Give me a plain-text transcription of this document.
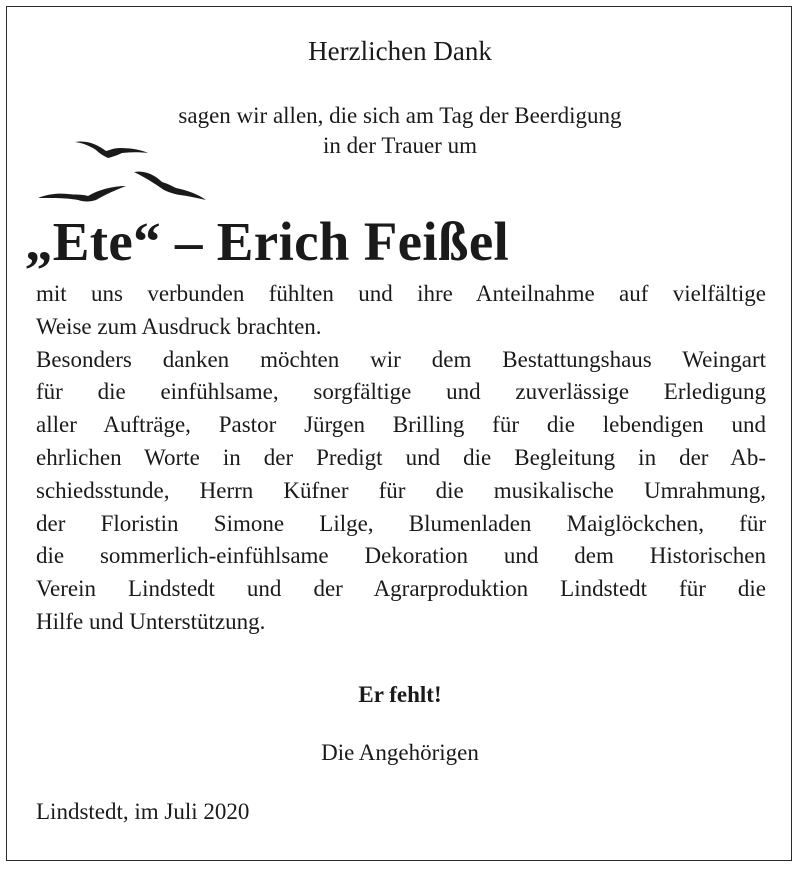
Herzlichen Dank
sagen wir allen, die sich am Tag der Beerdigung
in der Trauer um
„Ete“ – Erich Feißel
mit uns verbunden fühlten und ihre Anteilnahme auf vielfältige
Weise zum Ausdruck brachten.
Besonders danken möchten wir dem Bestattungshaus Weingart
für die einfühlsame, sorgfältige und zuverlässige Erledigung
aller Aufträge, Pastor Jürgen Brilling für die lebendigen und
ehrlichen Worte in der Predigt und die Begleitung in der Ab-
schiedsstunde, Herrn Küfner für die musikalische Umrahmung,
der Floristin Simone Lilge, Blumenladen Maiglöckchen, für
die sommerlich-einfühlsame Dekoration und dem Historischen
Verein Lindstedt und der Agrarproduktion Lindstedt für die
Hilfe und Unterstützung.
Er fehlt!
Die Angehörigen
Lindstedt, im Juli 2020
